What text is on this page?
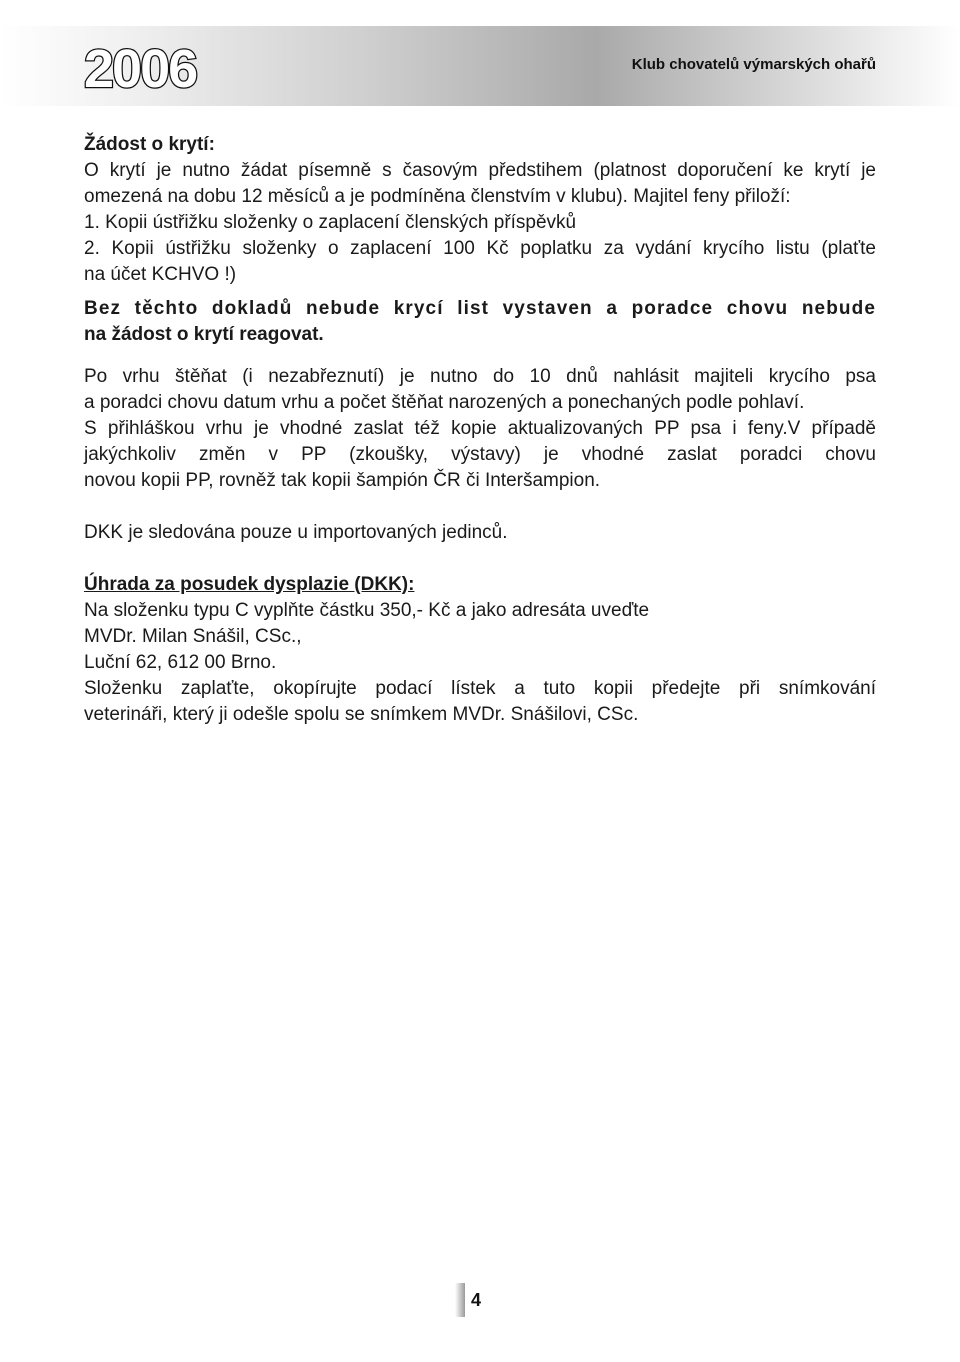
2006	Klub chovatelů výmarských ohařů

Žádost o krytí:

O krytí je nutno žádat písemně s časovým předstihem (platnost doporučení ke krytí je

omezená na dobu 12 měsíců a je podmíněna členstvím v klubu). Majitel feny přiloží:

1. Kopii ústřižku složenky o zaplacení členských příspěvků

2. Kopii ústřižku složenky o zaplacení 100 Kč poplatku za vydání krycího listu (plaťte

na účet KCHVO !)

Bez těchto dokladů nebude krycí list vystaven a poradce chovu nebude

na žádost o krytí reagovat.

Po vrhu štěňat (i nezabřeznutí) je nutno do 10 dnů nahlásit majiteli krycího psa

a poradci chovu datum vrhu a počet štěňat narozených a ponechaných podle pohlaví.

S přihláškou vrhu je vhodné zaslat též kopie aktualizovaných PP psa i feny.V případě

jakýchkoliv změn v PP (zkoušky, výstavy) je vhodné zaslat poradci chovu

novou kopii PP, rovněž tak kopii šampión ČR či Interšampion.

DKK je sledována pouze u importovaných jedinců.

Úhrada za posudek dysplazie (DKK):

Na složenku typu C vyplňte částku 350,- Kč a jako adresáta uveďte

MVDr. Milan Snášil, CSc.,

Luční 62, 612 00 Brno.

Složenku zaplaťte, okopírujte podací lístek a tuto kopii předejte při snímkování

veterináři, který ji odešle spolu se snímkem MVDr. Snášilovi, CSc.

4
